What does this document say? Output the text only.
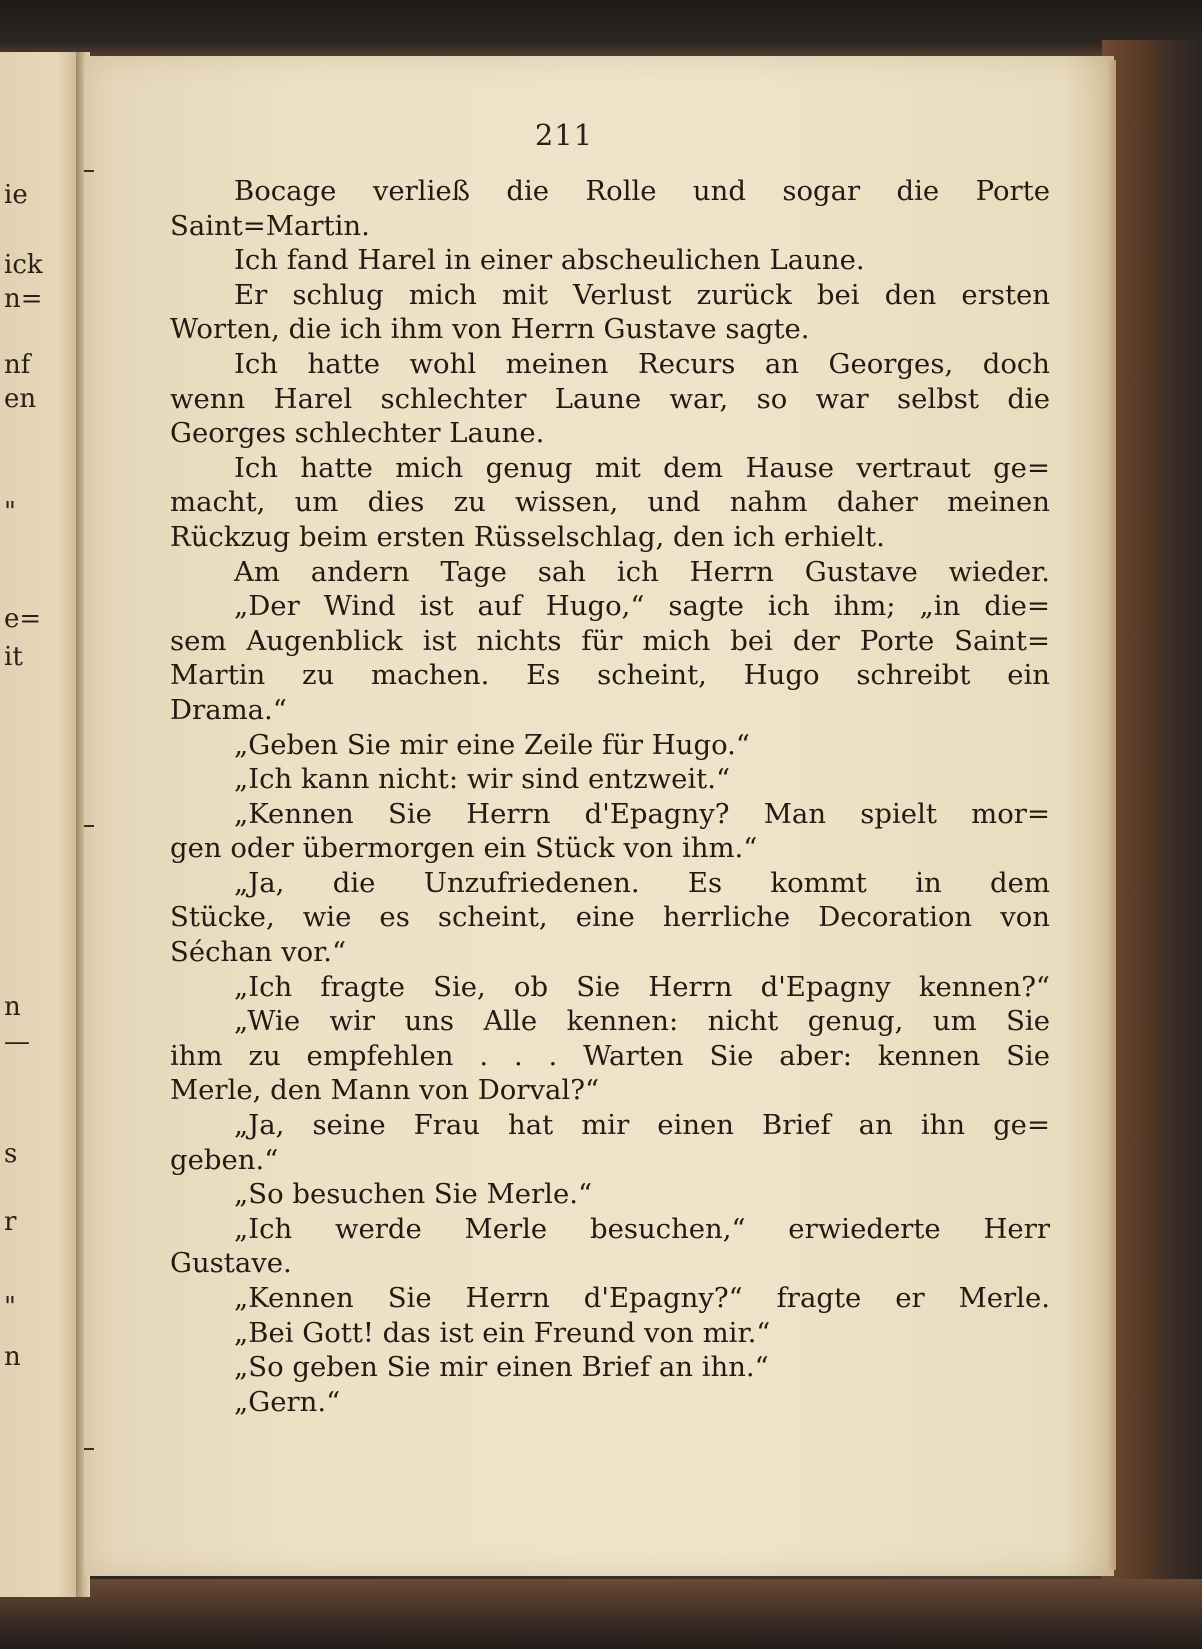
ie
ick
n=
nf
en
"
e=
it
n
—
s
r
"
n
211
Bocage verließ die Rolle und sogar die Porte
Saint=Martin.
Ich fand Harel in einer abscheulichen Laune.
Er schlug mich mit Verlust zurück bei den ersten
Worten, die ich ihm von Herrn Gustave sagte.
Ich hatte wohl meinen Recurs an Georges, doch
wenn Harel schlechter Laune war, so war selbst die
Georges schlechter Laune.
Ich hatte mich genug mit dem Hause vertraut ge=
macht, um dies zu wissen, und nahm daher meinen
Rückzug beim ersten Rüsselschlag, den ich erhielt.
Am andern Tage sah ich Herrn Gustave wieder.
„Der Wind ist auf Hugo,“ sagte ich ihm; „in die=
sem Augenblick ist nichts für mich bei der Porte Saint=
Martin zu machen. Es scheint, Hugo schreibt ein
Drama.“
„Geben Sie mir eine Zeile für Hugo.“
„Ich kann nicht: wir sind entzweit.“
„Kennen Sie Herrn d'Epagny? Man spielt mor=
gen oder übermorgen ein Stück von ihm.“
„Ja, die Unzufriedenen. Es kommt in dem
Stücke, wie es scheint, eine herrliche Decoration von
Séchan vor.“
„Ich fragte Sie, ob Sie Herrn d'Epagny kennen?“
„Wie wir uns Alle kennen: nicht genug, um Sie
ihm zu empfehlen . . . Warten Sie aber: kennen Sie
Merle, den Mann von Dorval?“
„Ja, seine Frau hat mir einen Brief an ihn ge=
geben.“
„So besuchen Sie Merle.“
„Ich werde Merle besuchen,“ erwiederte Herr
Gustave.
„Kennen Sie Herrn d'Epagny?“ fragte er Merle.
„Bei Gott! das ist ein Freund von mir.“
„So geben Sie mir einen Brief an ihn.“
„Gern.“
